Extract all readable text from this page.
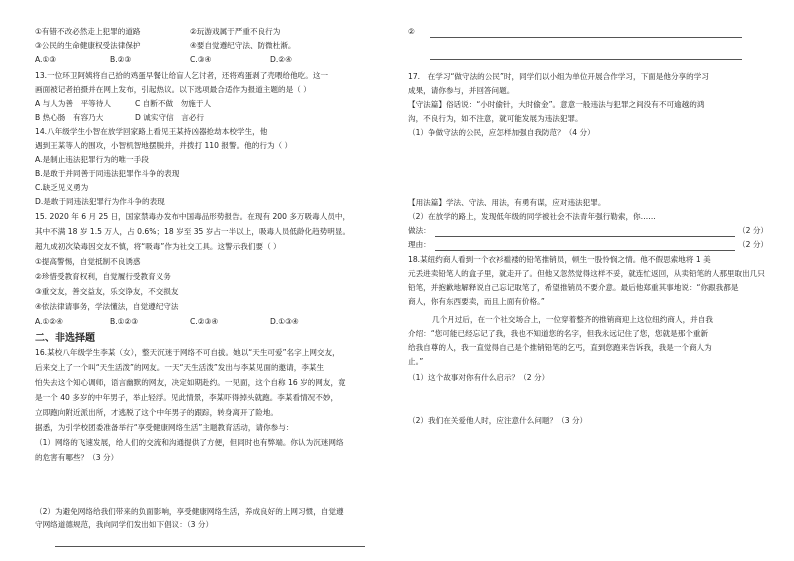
①有错不改必然走上犯罪的道路	②玩游戏属于严重不良行为
③公民的生命健康权受法律保护	④要自觉遵纪守法、防微杜渐。
A.①③	B.②③	C.③④	D.②④
13.一位环卫阿姨将自己拾的鸡蛋早餐让给盲人乞讨者，还将鸡蛋剥了壳喂给他吃。这一
画面被记者拍摄并在网上发布，引起热议。以下选项最合适作为报道主题的是（ ）
A 与人为善　平等待人	C 自断不做　勿施于人
B 热心肠　有容乃大	D 诚实守信　言必行
14.八年级学生小智在放学回家路上看见王某持凶器抢劫本校学生，他
遇到王某等人的围攻，小智机智地摆脱并，并拨打 110 报警。他的行为（ ）
A.是制止违法犯罪行为的唯一手段
B.是敢于并同善于同违法犯罪作斗争的表现
C.缺乏见义勇为
D.是敢于同违法犯罪行为作斗争的表现
15. 2020 年 6 月 25 日，国家禁毒办发布中国毒品形势报告。在现有 200 多万吸毒人员中，
其中不满 18 岁 1.5 万人，占 0.6%；18 岁至 35 岁占一半以上，吸毒人员低龄化趋势明显。
超九成初次染毒因交友不慎，将“吸毒”作为社交工具。这警示我们要（ ）
①提高警惕，自觉抵制不良诱惑
②珍惜受教育权利，自觉履行受教育义务
③重交友，善交益友，乐交诤友，不交损友
④依法律请事务，学法懂法，自觉遵纪守法
A.①②④	B.①②③	C.②③④	D.①③④
二、非选择题
16.某校八年级学生李某（女），整天沉迷于网络不可自拔。她以“天生可爱”名字上网交友，
后来交上了一个叫“天生活泼”的网友。一天“天生活泼”发出与李某见面的邀请，李某生
怕失去这个知心调师，语言幽默的网友，决定如期赴约。一见面，这个自称 16 岁的网友，竟
是一个 40 多岁的中年男子，举止轻浮。见此情景，李某吓得掉头就跑。李某看情况不妙，
立即跑向附近派出所，才逃脱了这个中年男子的跟踪，转身离开了险地。
据悉，为引学校团委准备举行“享受健康网络生活”主题教育活动，请你参与：
（1）网络的飞速发展，给人们的交流和沟通提供了方便，但同时也有弊端。你认为沉迷网络
的危害有哪些？（3 分）
（2）为避免网络给我们带来的负面影响，享受健康网络生活，养成良好的上网习惯，自觉遵
守网络道德规范，我向同学们发出如下倡议：（3 分）
②
17.　在学习“做守法的公民”时，同学们以小组为单位开展合作学习，下面是他分享的学习
成果，请你参与，并回答问题。
【守法篇】俗话说：“小时偷针，大时偷金”。意意一般违法与犯罪之间没有不可逾越的鸿
沟，不良行为，如不注意，就可能发展为违法犯罪。
（1）争做守法的公民，应怎样加强自我防范？（4 分）
【用法篇】学法、守法、用法，有勇有谋，应对违法犯罪。
（2）在放学的路上，发现低年级的同学被社会不法青年强行勒索，你……
做法：	（2 分）
理由：	（2 分）
18.某纽约商人看到一个衣衫褴褛的铅笔推销员，顿生一股怜悯之情。他不假思索地将 1 美
元丢进卖铅笔人的盒子里，就走开了。但他又忽然觉得这样不妥，就连忙返回，从卖铅笔的人那里取出几只
铅笔，并抱歉地解释说自己忘记取笔了，希望推销员不要介意。最后他郑重其事地说：“你跟我都是
商人，你有东西要卖，而且上面有价格。”
几个月过后，在一个社交场合上，一位穿着整齐的推销商迎上这位纽约商人，并自我
介绍：“您可能已经忘记了我，我也不知道您的名字，但我永远记住了您，您就是那个重新
给我自尊的人，我一直觉得自己是个推销铅笔的乞丐，直到您跑来告诉我，我是一个商人为
止。”
（1）这个故事对你有什么启示？（2 分）
（2）我们在关爱他人时，应注意什么问题？（3 分）
